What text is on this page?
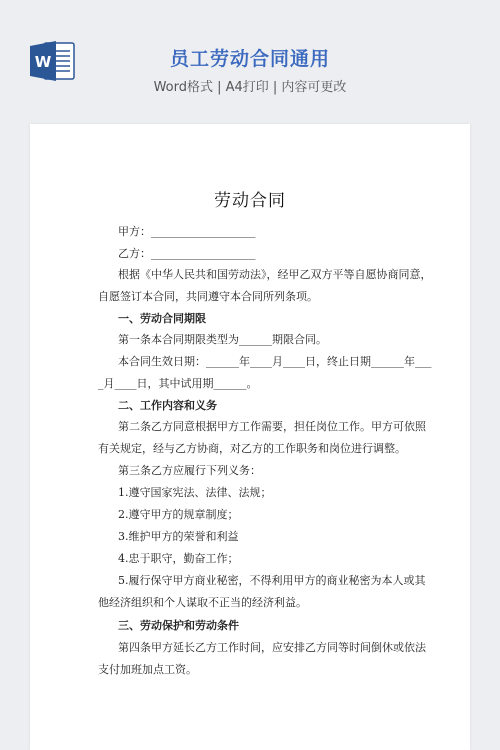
W	员工劳动合同通用
Word格式 | A4打印 | 内容可更改
劳动合同
甲方：___________________
乙方：___________________
根据《中华人民共和国劳动法》，经甲乙双方平等自愿协商同意，
自愿签订本合同，共同遵守本合同所列条项。
一、劳动合同期限
第一条本合同期限类型为______期限合同。
本合同生效日期：______年____月____日，终止日期______年___
_月____日，其中试用期______。
二、工作内容和义务
第二条乙方同意根据甲方工作需要，担任岗位工作。甲方可依照
有关规定，经与乙方协商，对乙方的工作职务和岗位进行调整。
第三条乙方应履行下列义务：
1.遵守国家宪法、法律、法规；
2.遵守甲方的规章制度；
3.维护甲方的荣誉和利益
4.忠于职守，勤奋工作；
5.履行保守甲方商业秘密，不得利用甲方的商业秘密为本人或其
他经济组织和个人谋取不正当的经济利益。
三、劳动保护和劳动条件
第四条甲方延长乙方工作时间，应安排乙方同等时间倒休或依法
支付加班加点工资。
